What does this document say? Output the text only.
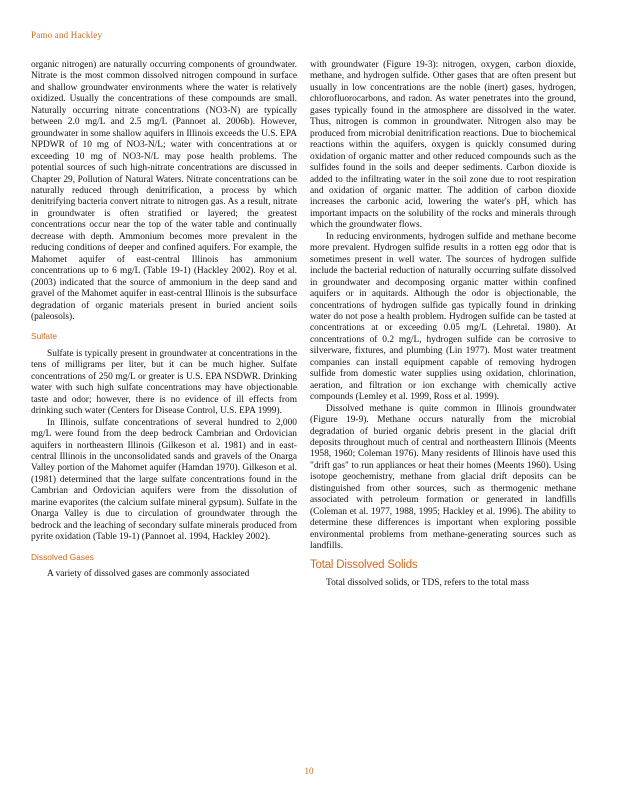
Pamo and Hackley

organic nitrogen) are naturally occurring components of groundwater. Nitrate is the most common dissolved nitrogen compound in surface and shallow groundwater environments where the water is relatively oxidized. Usually the concentrations of these compounds are small. Naturally occurring nitrate concentrations (NO3-N) are typically between 2.0 mg/L and 2.5 mg/L (Pannoet al. 2006b). However, groundwater in some shallow aquifers in Illinois exceeds the U.S. EPA NPDWR of 10 mg of NO3-N/L; water with concentrations at or exceeding 10 mg of NO3-N/L may pose health problems. The potential sources of such high-nitrate concentrations are discussed in Chapter 29, Pollution of Natural Waters. Nitrate concentrations can be naturally reduced through denitrification, a process by which denitrifying bacteria convert nitrate to nitrogen gas. As a result, nitrate in groundwater is often stratified or layered; the greatest concentrations occur near the top of the water table and continually decrease with depth. Ammonium becomes more prevalent in the reducing conditions of deeper and confined aquifers. For example, the Mahomet aquifer of east-central Illinois has ammonium concentrations up to 6 mg/L (Table 19-1) (Hackley 2002). Roy et al. (2003) indicated that the source of ammonium in the deep sand and gravel of the Mahomet aquifer in east-central Illinois is the subsurface degradation of organic materials present in buried ancient soils (paleosols).

Sulfate

Sulfate is typically present in groundwater at concentrations in the tens of milligrams per liter, but it can be much higher. Sulfate concentrations of 250 mg/L or greater is U.S. EPA NSDWR. Drinking water with such high sulfate concentrations may have objectionable taste and odor; however, there is no evidence of ill effects from drinking such water (Centers for Disease Control, U.S. EPA 1999).

In Illinois, sulfate concentrations of several hundred to 2,000 mg/L were found from the deep bedrock Cambrian and Ordovician aquifers in northeastern Illinois (Gilkeson et al. 1981) and in east-central Illinois in the unconsolidated sands and gravels of the Onarga Valley portion of the Mahomet aquifer (Hamdan 1970). Gilkeson et al. (1981) determined that the large sulfate concentrations found in the Cambrian and Ordovician aquifers were from the dissolution of marine evaporites (the calcium sulfate mineral gypsum). Sulfate in the Onarga Valley is due to circulation of groundwater through the bedrock and the leaching of secondary sulfate minerals produced from pyrite oxidation (Table 19-1) (Pannoet al. 1994, Hackley 2002).

Dissolved Gases

A variety of dissolved gases are commonly associated

with groundwater (Figure 19-3): nitrogen, oxygen, carbon dioxide, methane, and hydrogen sulfide. Other gases that are often present but usually in low concentrations are the noble (inert) gases, hydrogen, chlorofluorocarbons, and radon. As water penetrates into the ground, gases typically found in the atmosphere are dissolved in the water. Thus, nitrogen is common in groundwater. Nitrogen also may be produced from microbial denitrification reactions. Due to biochemical reactions within the aquifers, oxygen is quickly consumed during oxidation of organic matter and other reduced compounds such as the sulfides found in the soils and deeper sediments. Carbon dioxide is added to the infiltrating water in the soil zone due to root respiration and oxidation of organic matter. The addition of carbon dioxide increases the carbonic acid, lowering the water's pH, which has important impacts on the solubility of the rocks and minerals through which the groundwater flows.

In reducing environments, hydrogen sulfide and methane become more prevalent. Hydrogen sulfide results in a rotten egg odor that is sometimes present in well water. The sources of hydrogen sulfide include the bacterial reduction of naturally occurring sulfate dissolved in groundwater and decomposing organic matter within confined aquifers or in aquitards. Although the odor is objectionable, the concentrations of hydrogen sulfide gas typically found in drinking water do not pose a health problem. Hydrogen sulfide can be tasted at concentrations at or exceeding 0.05 mg/L (Lehretal. 1980). At concentrations of 0.2 mg/L, hydrogen sulfide can be corrosive to silverware, fixtures, and plumbing (Lin 1977). Most water treatment companies can install equipment capable of removing hydrogen sulfide from domestic water supplies using oxidation, chlorination, aeration, and filtration or ion exchange with chemically active compounds (Lemley et al. 1999, Ross et al. 1999).

Dissolved methane is quite common in Illinois groundwater (Figure 19-9). Methane occurs naturally from the microbial degradation of buried organic debris present in the glacial drift deposits throughout much of central and northeastern Illinois (Meents 1958, 1960; Coleman 1976). Many residents of Illinois have used this "drift gas" to run appliances or heat their homes (Meents 1960). Using isotope geochemistry, methane from glacial drift deposits can be distinguished from other sources, such as thermogenic methane associated with petroleum formation or generated in landfills (Coleman et al. 1977, 1988, 1995; Hackley et al. 1996). The ability to determine these differences is important when exploring possible environmental problems from methane-generating sources such as landfills.

Total Dissolved Solids

Total dissolved solids, or TDS, refers to the total mass

10
